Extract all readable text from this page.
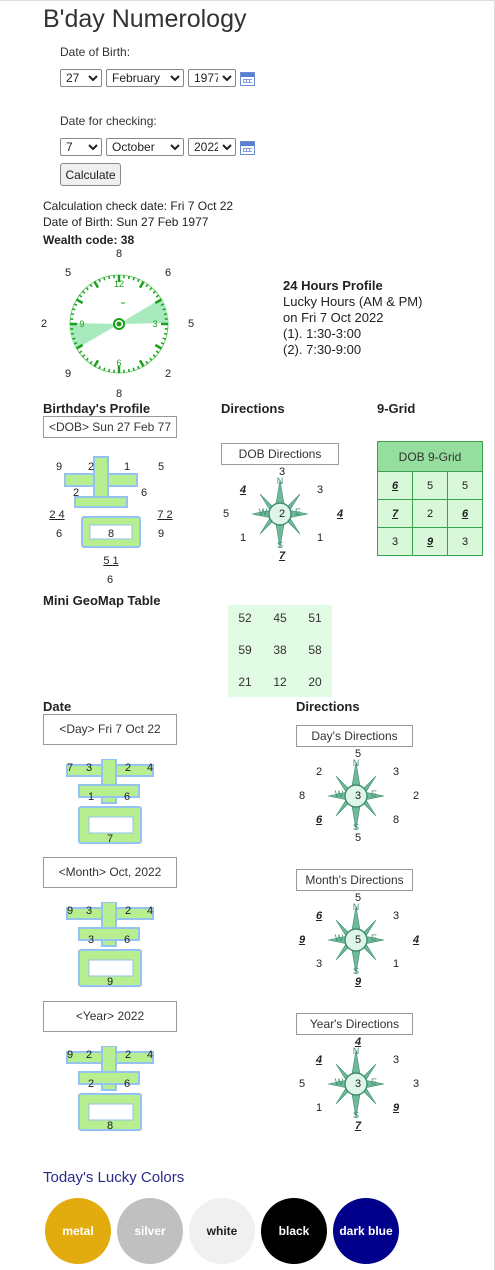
B'day Numerology
Date of Birth:
27
February
1977
Date for checking:
7
October
2022
Calculate
Calculation check date: Fri 7 Oct 22
Date of Birth: Sun 27 Feb 1977
Wealth code: 38
12
6
9	3
8
8
2	5
5	6
9	2
24 Hours Profile
Lucky Hours (AM & PM)
on Fri 7 Oct 2022
(1). 1:30-3:00
(2). 7:30-9:00
Birthday's Profile	Directions	9-Grid
<DOB> Sun 27 Feb 77
9	2	1	5
2	6
2 4	7 2
6	8	9
5 1
6
DOB Directions
3
3
4
1
7
1
5
4
2
N
E
S
W
DOB 9-Grid		
6	5	5
7	2	6
3	9	3
Mini GeoMap Table
52	45	51
59	38	58
21	12	20
Date	Directions
<Day> Fri 7 Oct 22
7	3	2	4
1	6
7
<Month> Oct, 2022
9	3	2	4
3	6
9
<Year> 2022
9	2	2	4
2	6
8
Day's Directions
5
3
2
8
5
6
8
2
3
N
E
S
W
Month's Directions
5
3
4
1
9
3
9
6
5
N
E
S
W
Year's Directions
4
3
3
9
7
1
5
4
3
N
E
S
W
Today's Lucky Colors
metal	silver	white	black dark blue
